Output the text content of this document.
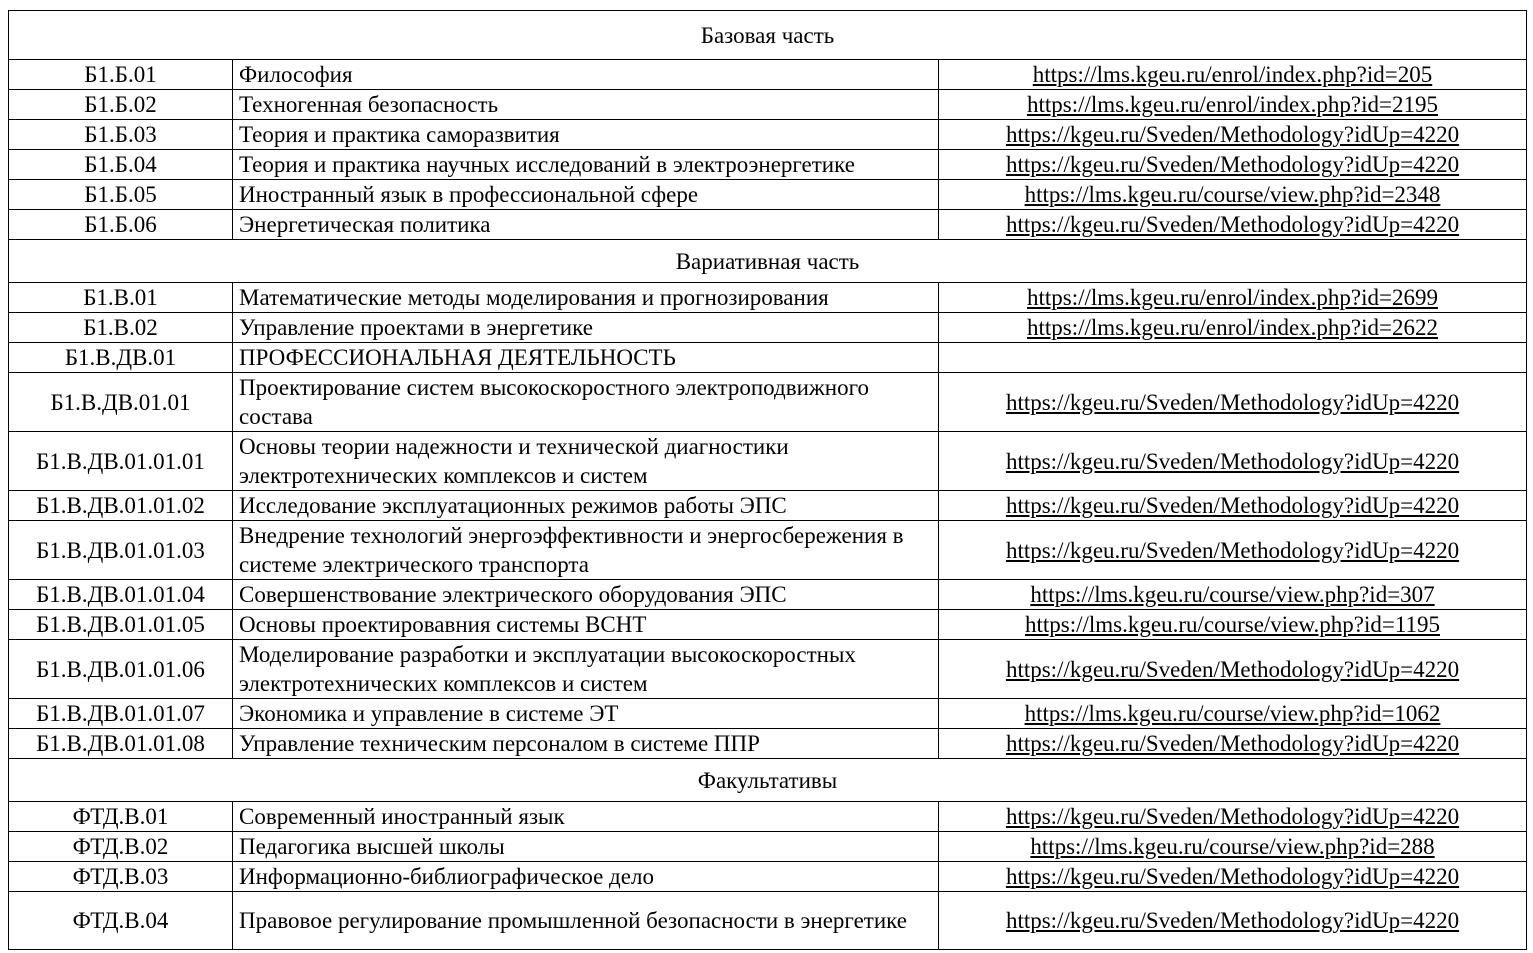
Базовая часть		
Б1.Б.01	Философия	https://lms.kgeu.ru/enrol/index.php?id=205
Б1.Б.02	Техногенная безопасность	https://lms.kgeu.ru/enrol/index.php?id=2195
Б1.Б.03	Теория и практика саморазвития	https://kgeu.ru/Sveden/Methodology?idUp=4220
Б1.Б.04	Теория и практика научных исследований в электроэнергетике	https://kgeu.ru/Sveden/Methodology?idUp=4220
Б1.Б.05	Иностранный язык в профессиональной сфере	https://lms.kgeu.ru/course/view.php?id=2348
Б1.Б.06	Энергетическая политика	https://kgeu.ru/Sveden/Methodology?idUp=4220
Вариативная часть		
Б1.В.01	Математические методы моделирования и прогнозирования	https://lms.kgeu.ru/enrol/index.php?id=2699
Б1.В.02	Управление проектами в энергетике	https://lms.kgeu.ru/enrol/index.php?id=2622
Б1.В.ДВ.01	ПРОФЕССИОНАЛЬНАЯ ДЕЯТЕЛЬНОСТЬ	
Б1.В.ДВ.01.01	Проектирование систем высокоскоростного электроподвижного состава	https://kgeu.ru/Sveden/Methodology?idUp=4220
Б1.В.ДВ.01.01.01	Основы теории надежности и технической диагностики электротехнических комплексов и систем	https://kgeu.ru/Sveden/Methodology?idUp=4220
Б1.В.ДВ.01.01.02	Исследование эксплуатационных режимов работы ЭПС	https://kgeu.ru/Sveden/Methodology?idUp=4220
Б1.В.ДВ.01.01.03	Внедрение технологий энергоэффективности и энергосбережения в системе электрического транспорта	https://kgeu.ru/Sveden/Methodology?idUp=4220
Б1.В.ДВ.01.01.04	Совершенствование электрического оборудования ЭПС	https://lms.kgeu.ru/course/view.php?id=307
Б1.В.ДВ.01.01.05	Основы проектировавния системы ВСНТ	https://lms.kgeu.ru/course/view.php?id=1195
Б1.В.ДВ.01.01.06	Моделирование разработки и эксплуатации высокоскоростных электротехнических комплексов и систем	https://kgeu.ru/Sveden/Methodology?idUp=4220
Б1.В.ДВ.01.01.07	Экономика и управление в системе ЭТ	https://lms.kgeu.ru/course/view.php?id=1062
Б1.В.ДВ.01.01.08	Управление техническим персоналом в системе ППР	https://kgeu.ru/Sveden/Methodology?idUp=4220
Факультативы		
ФТД.В.01	Современный иностранный язык	https://kgeu.ru/Sveden/Methodology?idUp=4220
ФТД.В.02	Педагогика высшей школы	https://lms.kgeu.ru/course/view.php?id=288
ФТД.В.03	Информационно-библиографическое дело	https://kgeu.ru/Sveden/Methodology?idUp=4220
ФТД.В.04	Правовое регулирование промышленной безопасности в энергетике	https://kgeu.ru/Sveden/Methodology?idUp=4220
